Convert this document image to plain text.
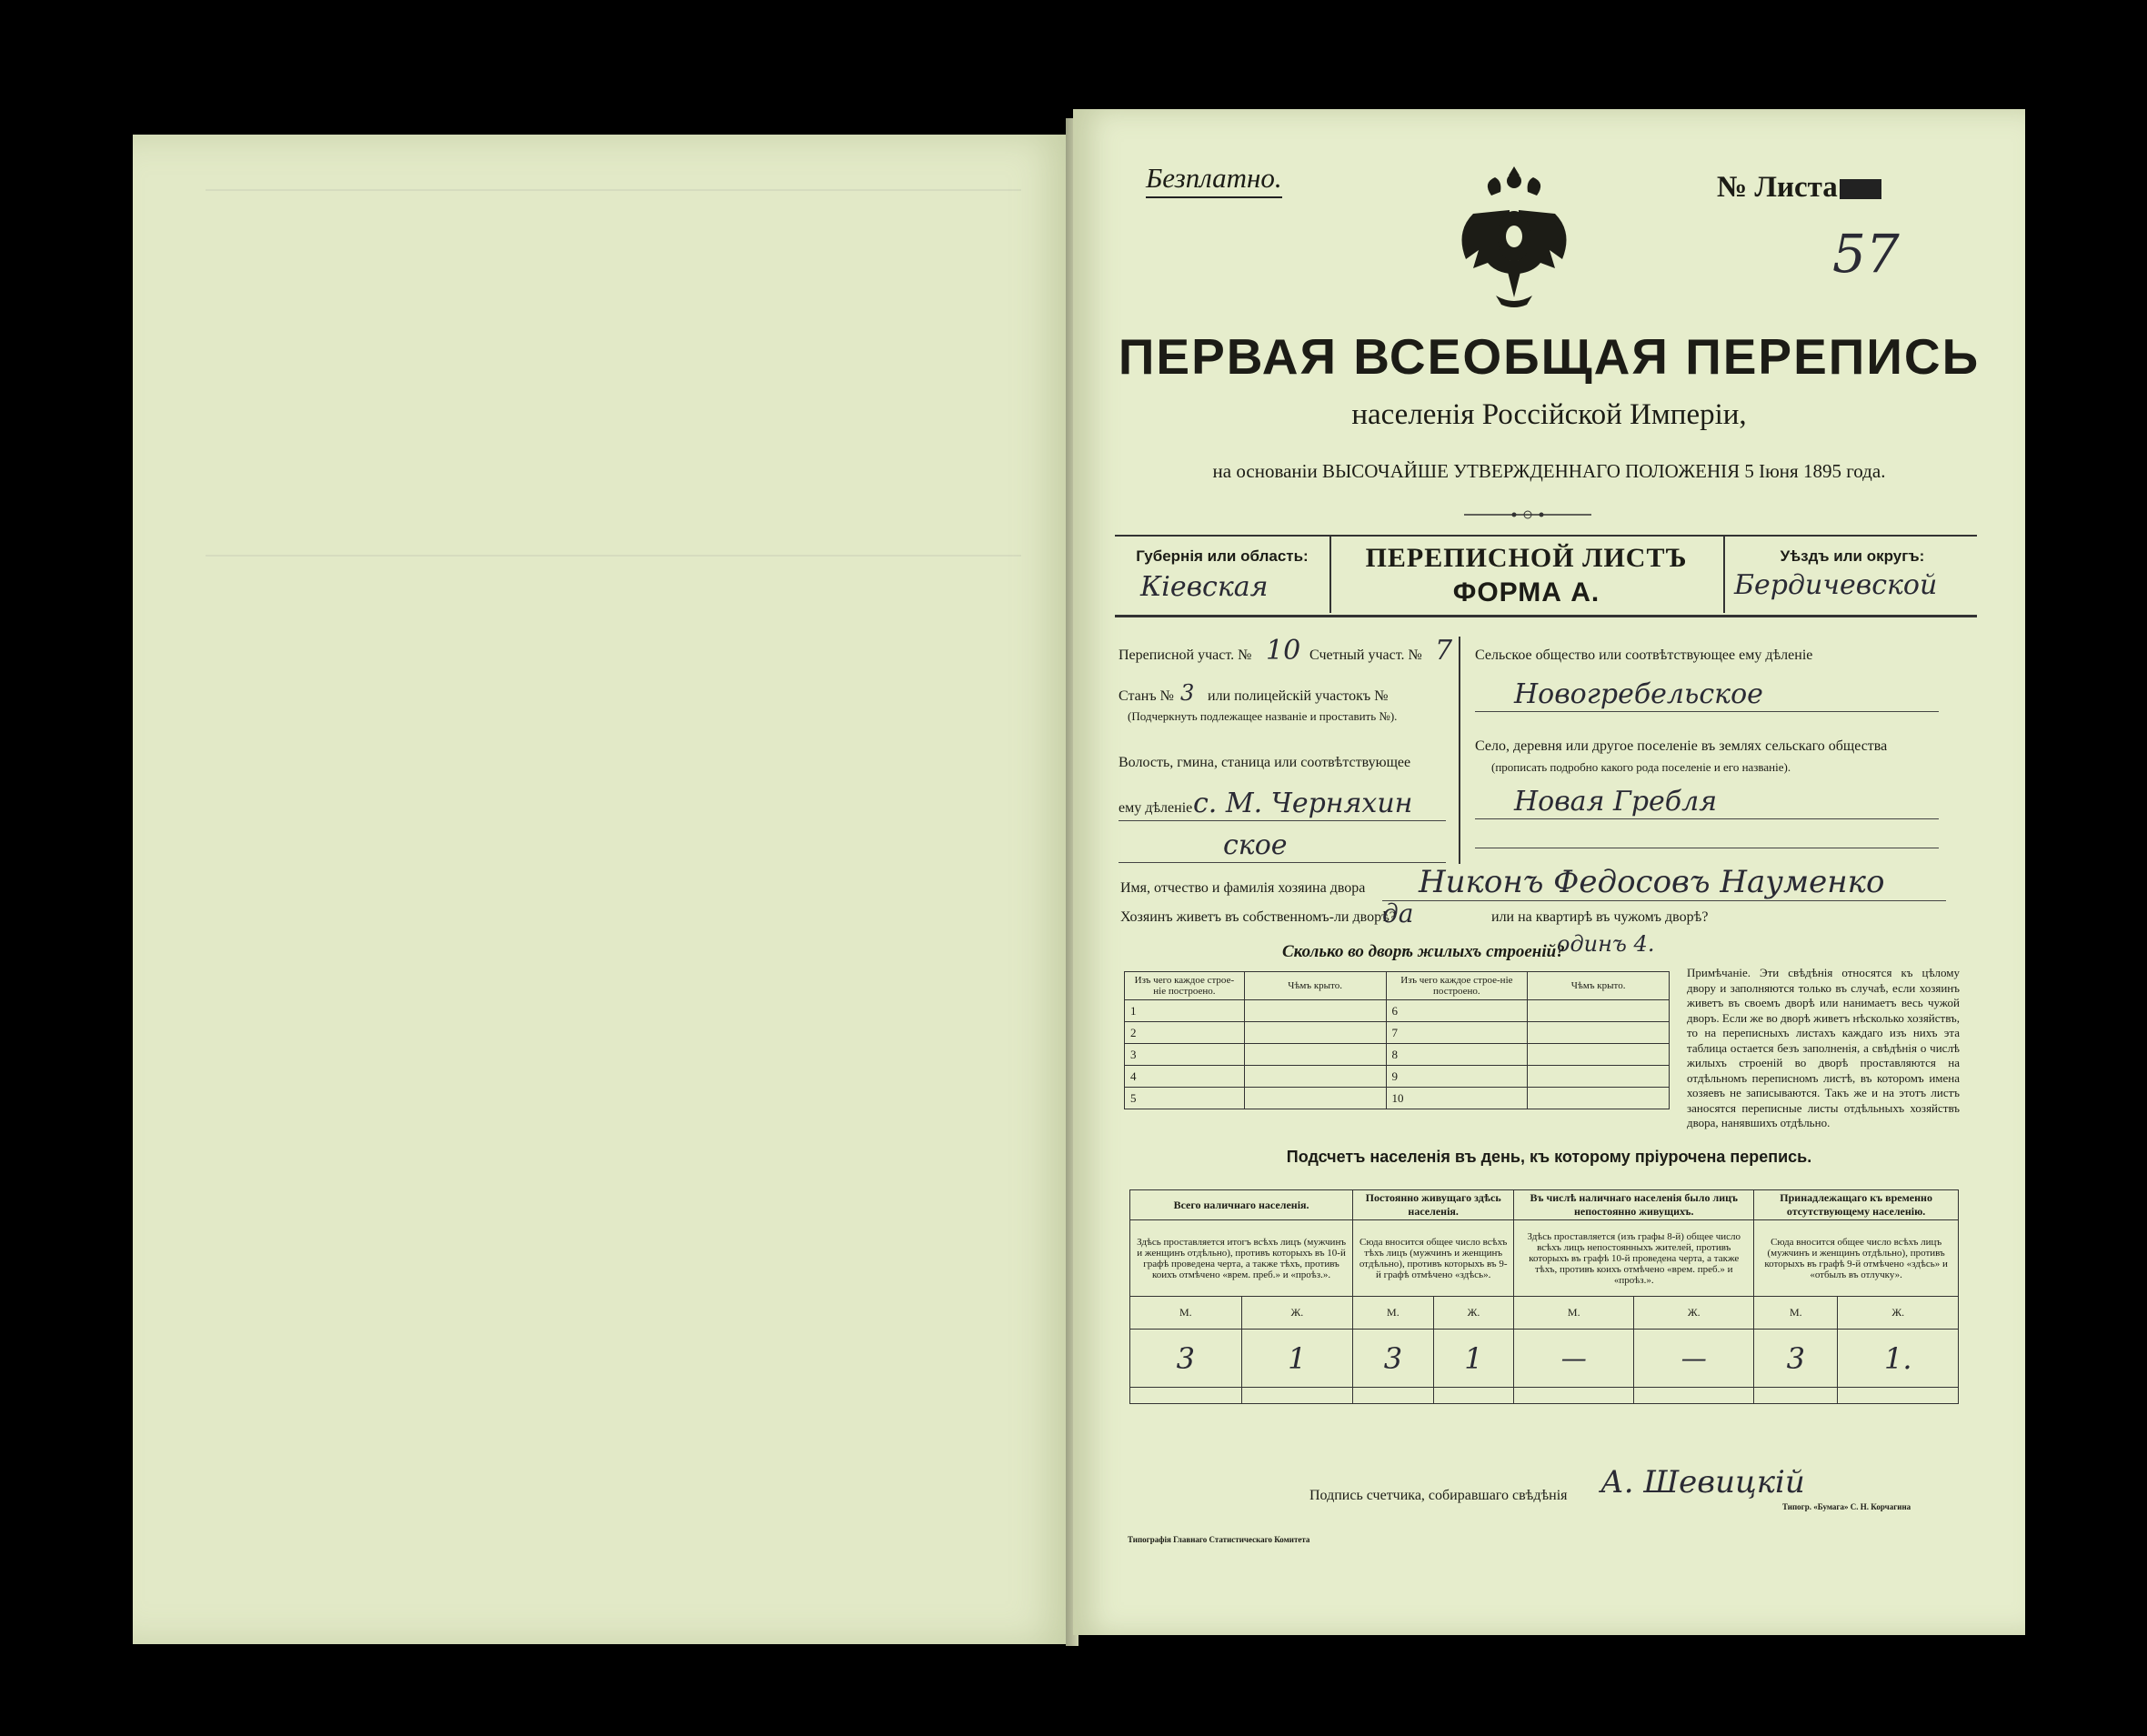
Безплатно.	№ Листа
57
ПЕРВАЯ ВСЕОБЩАЯ ПЕРЕПИСЬ
населенія Россійской Имперіи,
на основаніи ВЫСОЧАЙШЕ УТВЕРЖДЕННАГО ПОЛОЖЕНІЯ 5 Іюня 1895 года.
Губернія или область:
Кіевская
ПЕРЕПИСНОЙ ЛИСТЪ
ФОРМА А.
Уѣздъ или округъ:
Бердичевской
Переписной участ. № 10 Счетный участ. № 7
Станъ № 3 или полицейскій участокъ №
(Подчеркнуть подлежащее названіе и проставить №).
Волость, гмина, станица или соотвѣтствующее
ему дѣленіе с. М. Черняхин
ское
Сельское общество или соотвѣтствующее ему дѣленіе
Новогребельское
Село, деревня или другое поселеніе въ землях сельскаго общества
(прописать подробно какого рода поселеніе и его названіе).
Новая Гребля
Имя, отчество и фамилія хозяина двора Никонъ Федосовъ Науменко
Хозяинъ живетъ въ собственномъ-ли дворѣ?
да	или на квартирѣ въ чужомъ дворѣ?
Сколько во дворѣ жилыхъ строеній?
одинъ 4.
Изъ чего каждое строе-ніе построено.	Чѣмъ крыто.	Изъ чего каждое строе-ніе построено.	Чѣмъ крыто.
1		6	
2		7	
3		8	
4		9	
5		10	
Примѣчаніе. Эти свѣдѣнія относятся къ цѣлому двору и заполняются только въ случаѣ, если хозяинъ живетъ въ своемъ дворѣ или нанимаетъ весь чужой дворъ. Если же во дворѣ живетъ нѣсколько хозяйствъ, то на переписныхъ листахъ каждаго изъ нихъ эта таблица остается безъ заполненія, а свѣдѣнія о числѣ жилыхъ строеній во дворѣ проставляются на отдѣльномъ переписномъ листѣ, въ которомъ имена хозяевъ не записываются. Такъ же и на этотъ листъ заносятся переписные листы отдѣльныхъ хозяйствъ двора, нанявшихъ отдѣльно.
Подсчетъ населенія въ день, къ которому пріурочена перепись.
Всего наличнаго населенія.		Постоянно живущаго здѣсь населенія.		Въ числѣ наличнаго населенія было лицъ непостоянно живущихъ.		Принадлежащаго къ временно отсутствующему населенію.	
Здѣсь проставляется итогъ всѣхъ лицъ (мужчинъ и женщинъ отдѣльно), противъ которыхъ въ 10-й графѣ проведена черта, а также тѣхъ, противъ коихъ отмѣчено «врем. преб.» и «проѣз.».		Сюда вносится общее число всѣхъ тѣхъ лицъ (мужчинъ и женщинъ отдѣльно), противъ которыхъ въ 9-й графѣ отмѣчено «здѣсь».		Здѣсь проставляется (изъ графы 8-й) общее число всѣхъ лицъ непостоянныхъ жителей, противъ которыхъ въ графѣ 10-й проведена черта, а также тѣхъ, противъ коихъ отмѣчено «врем. преб.» и «проѣз.».		Сюда вносится общее число всѣхъ лицъ (мужчинъ и женщинъ отдѣльно), противъ которыхъ въ графѣ 9-й отмѣчено «здѣсь» и «отбылъ въ отлучку».	
М.	Ж.	М.	Ж.	М.	Ж.	М.	Ж.
3	1	3	1	—	—	3	1.

Подпись счетчика, собиравшаго свѣдѣнія А. Шевицкій
Типографія Главнаго Статистическаго Комитета
Типогр. «Бумага» С. Н. Корчагина
